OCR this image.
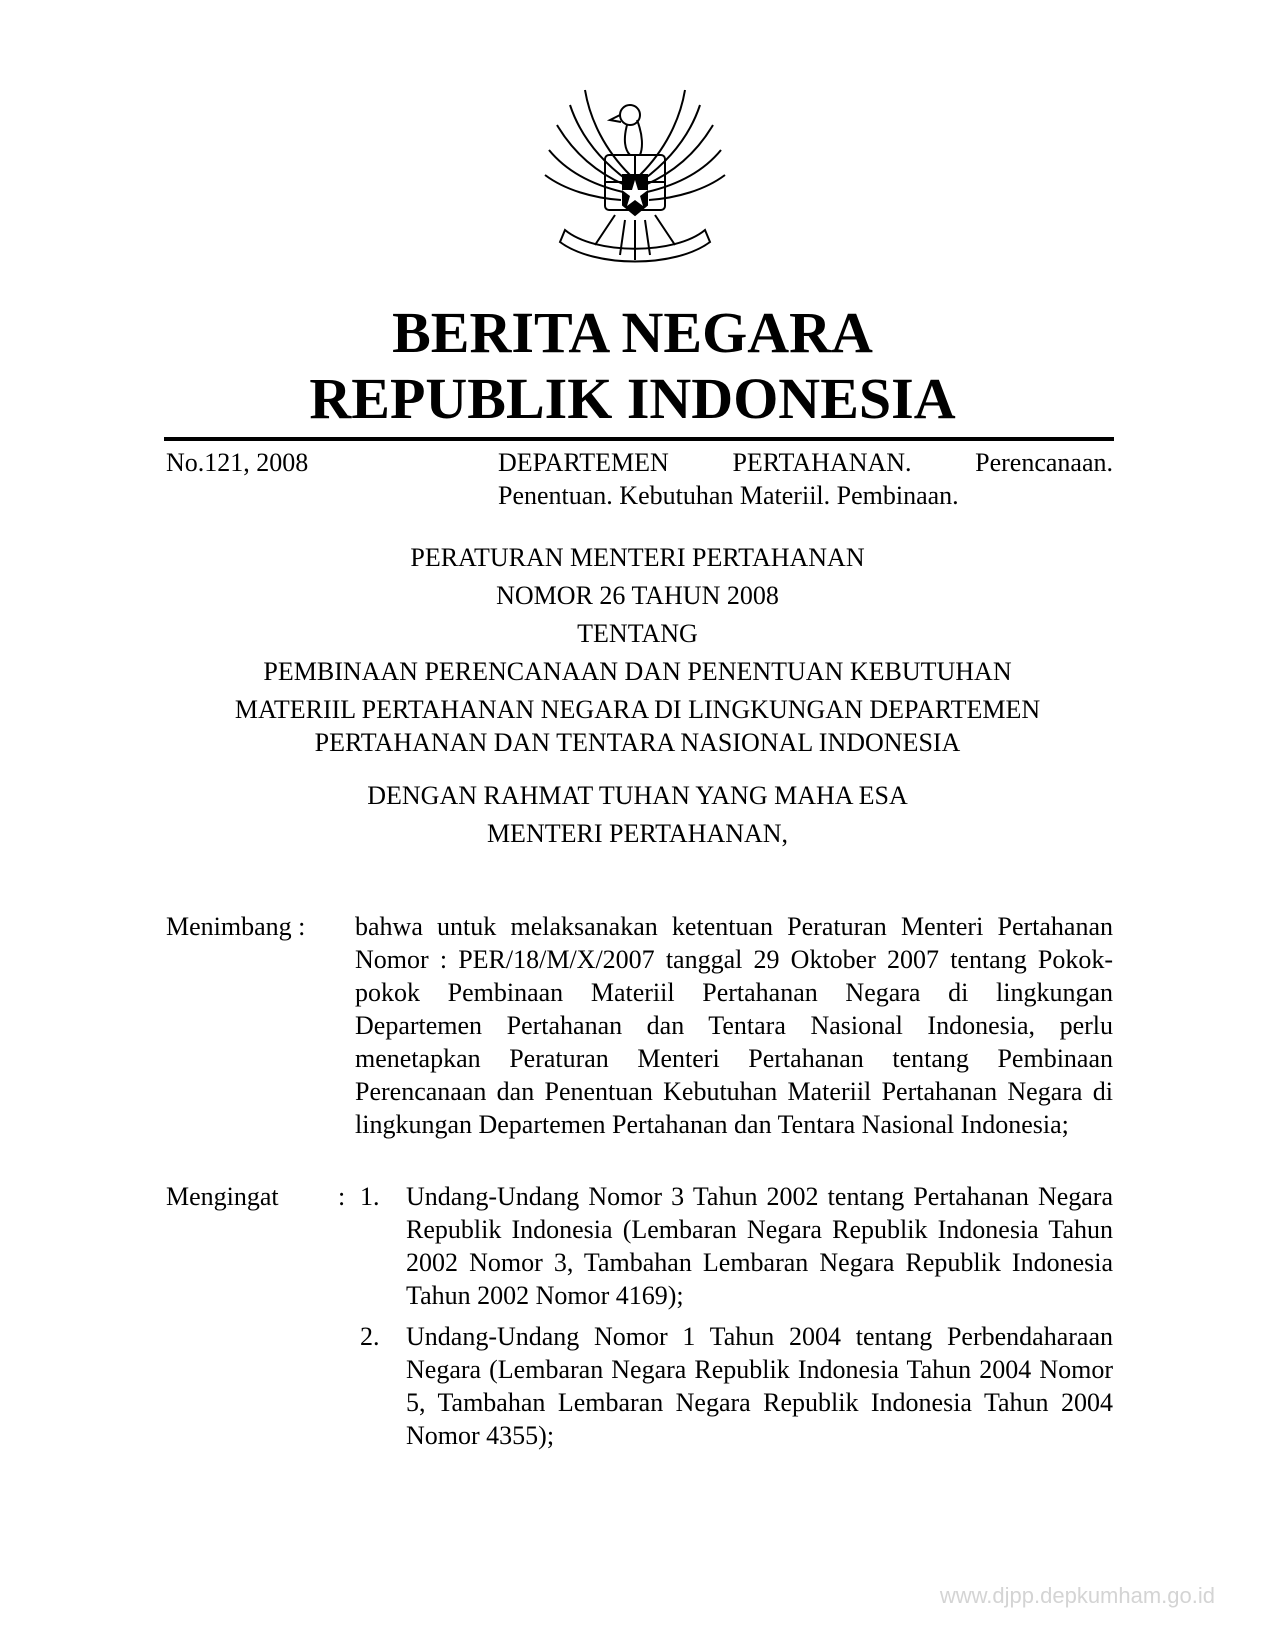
BERITA NEGARA
REPUBLIK INDONESIA
No.121, 2008	DEPARTEMEN PERTAHANAN. Perencanaan.
Penentuan. Kebutuhan Materiil. Pembinaan.
PERATURAN MENTERI PERTAHANAN
NOMOR 26 TAHUN 2008
TENTANG
PEMBINAAN PERENCANAAN DAN PENENTUAN KEBUTUHAN
MATERIIL PERTAHANAN NEGARA DI LINGKUNGAN DEPARTEMEN
PERTAHANAN DAN TENTARA NASIONAL INDONESIA
DENGAN RAHMAT TUHAN YANG MAHA ESA
MENTERI PERTAHANAN,
Menimbang : bahwa untuk melaksanakan ketentuan Peraturan Menteri Pertahanan Nomor : PER/18/M/X/2007 tanggal 29 Oktober 2007 tentang Pokok-pokok Pembinaan Materiil Pertahanan Negara di lingkungan Departemen Pertahanan dan Tentara Nasional Indonesia, perlu menetapkan Peraturan Menteri Pertahanan tentang Pembinaan Perencanaan dan Penentuan Kebutuhan Materiil Pertahanan Negara di lingkungan Departemen Pertahanan dan Tentara Nasional Indonesia;
Mengingat : 1. Undang-Undang Nomor 3 Tahun 2002 tentang Pertahanan Negara Republik Indonesia (Lembaran Negara Republik Indonesia Tahun 2002 Nomor 3, Tambahan Lembaran Negara Republik Indonesia Tahun 2002 Nomor 4169);
2. Undang-Undang Nomor 1 Tahun 2004 tentang Perbendaharaan Negara (Lembaran Negara Republik Indonesia Tahun 2004 Nomor 5, Tambahan Lembaran Negara Republik Indonesia Tahun 2004 Nomor 4355);
www.djpp.depkumham.go.id
